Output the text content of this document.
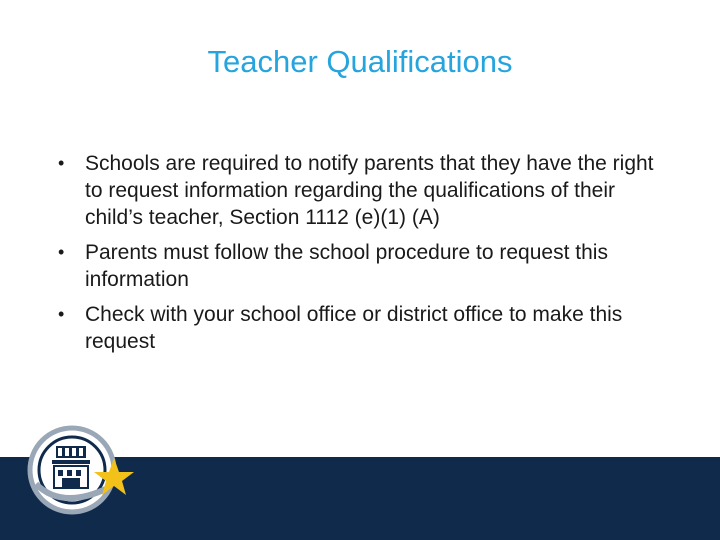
Teacher Qualifications
• Schools are required to notify parents that they have the right to request information regarding the qualifications of their child’s teacher, Section 1112 (e)(1) (A)
• Parents must follow the school procedure to request this information
• Check with your school office or district office to make this request
